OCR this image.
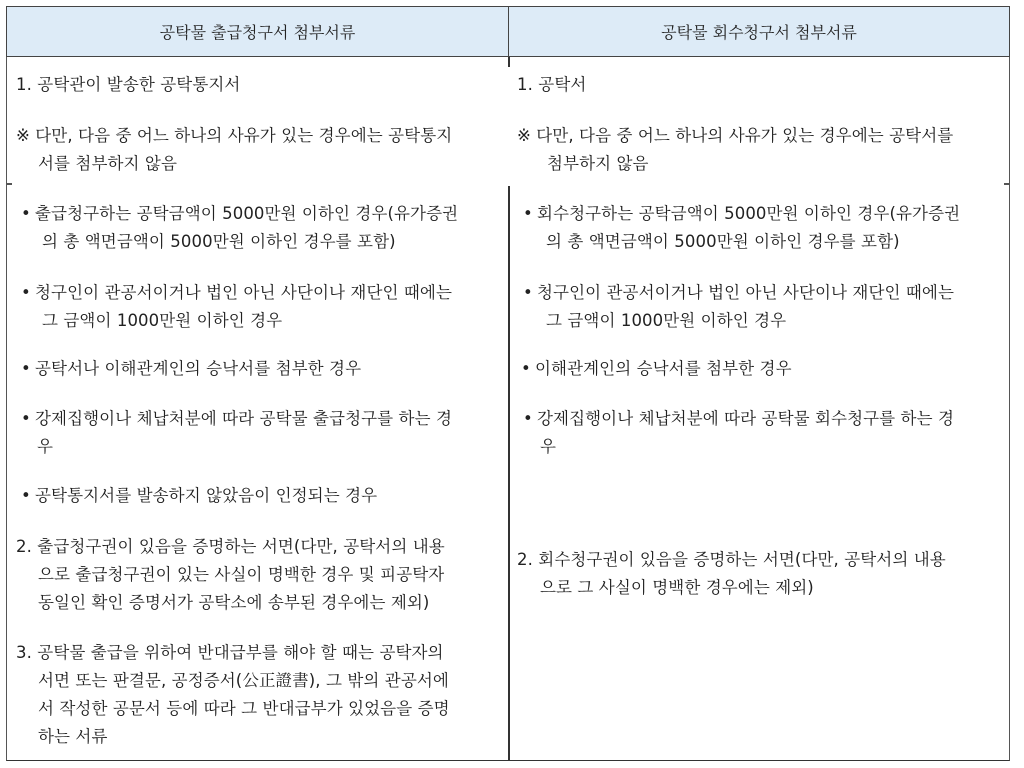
공탁물 출급청구서 첨부서류	공탁물 회수청구서 첨부서류
1. 공탁관이 발송한 공탁통지서
※ 다만, 다음 중 어느 하나의 사유가 있는 경우에는 공탁통지
서를 첨부하지 않음
• 출급청구하는 공탁금액이 5000만원 이하인 경우(유가증권
의 총 액면금액이 5000만원 이하인 경우를 포함)
• 청구인이 관공서이거나 법인 아닌 사단이나 재단인 때에는
그 금액이 1000만원 이하인 경우
• 공탁서나 이해관계인의 승낙서를 첨부한 경우
• 강제집행이나 체납처분에 따라 공탁물 출급청구를 하는 경
우
• 공탁통지서를 발송하지 않았음이 인정되는 경우
2. 출급청구권이 있음을 증명하는 서면(다만, 공탁서의 내용
으로 출급청구권이 있는 사실이 명백한 경우 및 피공탁자
동일인 확인 증명서가 공탁소에 송부된 경우에는 제외)
3. 공탁물 출급을 위하여 반대급부를 해야 할 때는 공탁자의
서면 또는 판결문, 공정증서(公正證書), 그 밖의 관공서에
서 작성한 공문서 등에 따라 그 반대급부가 있었음을 증명
하는 서류
1. 공탁서
※ 다만, 다음 중 어느 하나의 사유가 있는 경우에는 공탁서를
첨부하지 않음
• 회수청구하는 공탁금액이 5000만원 이하인 경우(유가증권
의 총 액면금액이 5000만원 이하인 경우를 포함)
• 청구인이 관공서이거나 법인 아닌 사단이나 재단인 때에는
그 금액이 1000만원 이하인 경우
• 이해관계인의 승낙서를 첨부한 경우
• 강제집행이나 체납처분에 따라 공탁물 회수청구를 하는 경
우
2. 회수청구권이 있음을 증명하는 서면(다만, 공탁서의 내용
으로 그 사실이 명백한 경우에는 제외)
